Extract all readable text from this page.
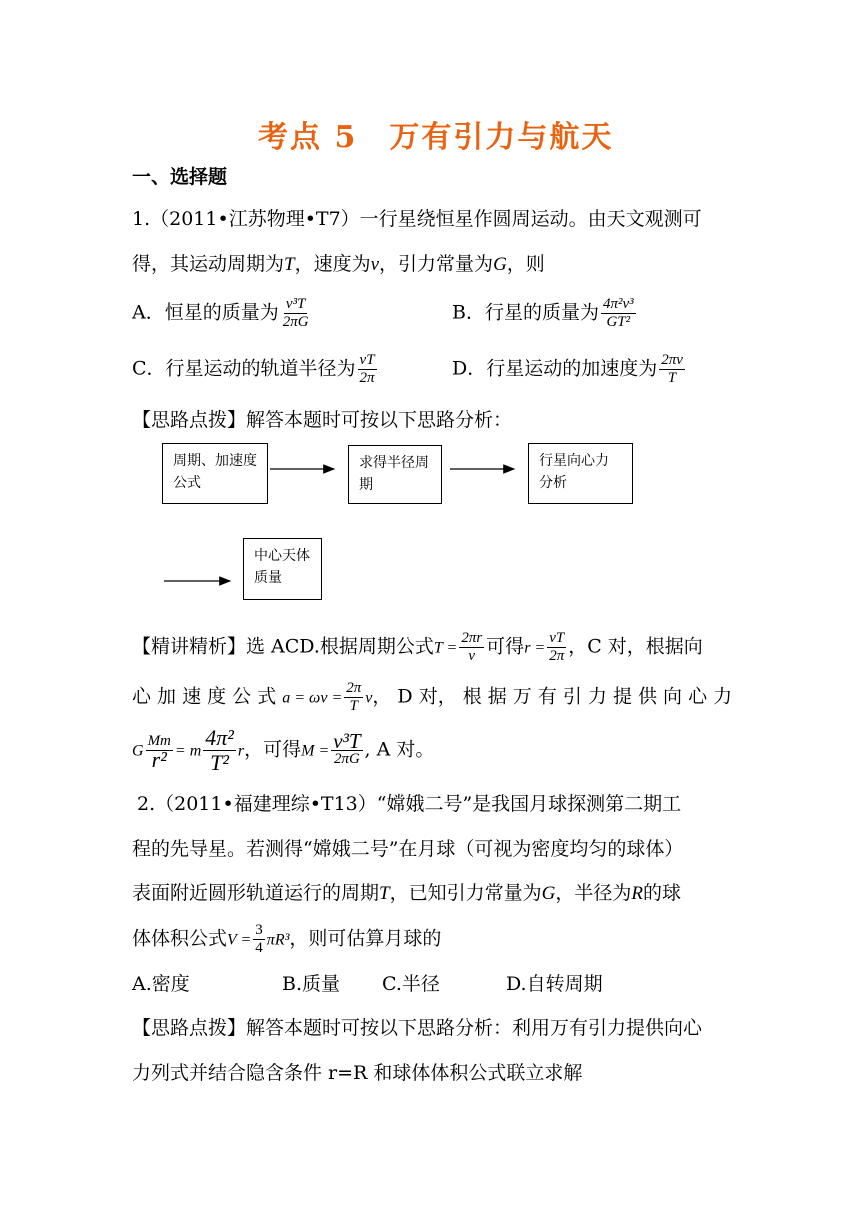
考点 5　万有引力与航天
一、选择题
1.（2011•江苏物理•T7）一行星绕恒星作圆周运动。由天文观测可
得，其运动周期为T，速度为v，引力常量为G，则
A．恒星的质量为 $\frac{\text{v³T}}{2\pi G}$	B．行星的质量为 $\frac{\text{4π²v³}}{\text{GT²}}$
C．行星运动的轨道半径为 $\frac{vT}{2\pi}$	D．行星运动的加速度为 $\frac{2\pi v}{T}$
【思路点拨】解答本题时可按以下思路分析：
周期、加速度公式
求得半径周期
行星向心力分析
中心天体质量
【精讲精析】选 ACD.根据周期公式$T = \frac{2\pi r}{v}$ 可得$r = \frac{vT}{2\pi}$ ，C 对，根据向
心 加 速 度 公 式 $a = \omega v = \frac{2\pi}{T}$ v， D 对， 根 据 万 有 引 力 提 供 向 心 力
G $\frac{Mm}{\text{r²}} = m \frac{\text{4π²}}{\text{T²}}$ r，可得$M = \frac{\text{v³T}}{2\pi G}$ , A 对。
2.（2011•福建理综•T13）“嫦娥二号”是我国月球探测第二期工
程的先导星。若测得“嫦娥二号”在月球（可视为密度均匀的球体）
表面附近圆形轨道运行的周期T，已知引力常量为G，半径为R的球
体体积公式$V = \frac{3}{4} \pi R^3$，则可估算月球的
A.密度	B.质量 C.半径	D.自转周期
【思路点拨】解答本题时可按以下思路分析：利用万有引力提供向心
力列式并结合隐含条件 r=R 和球体体积公式联立求解
